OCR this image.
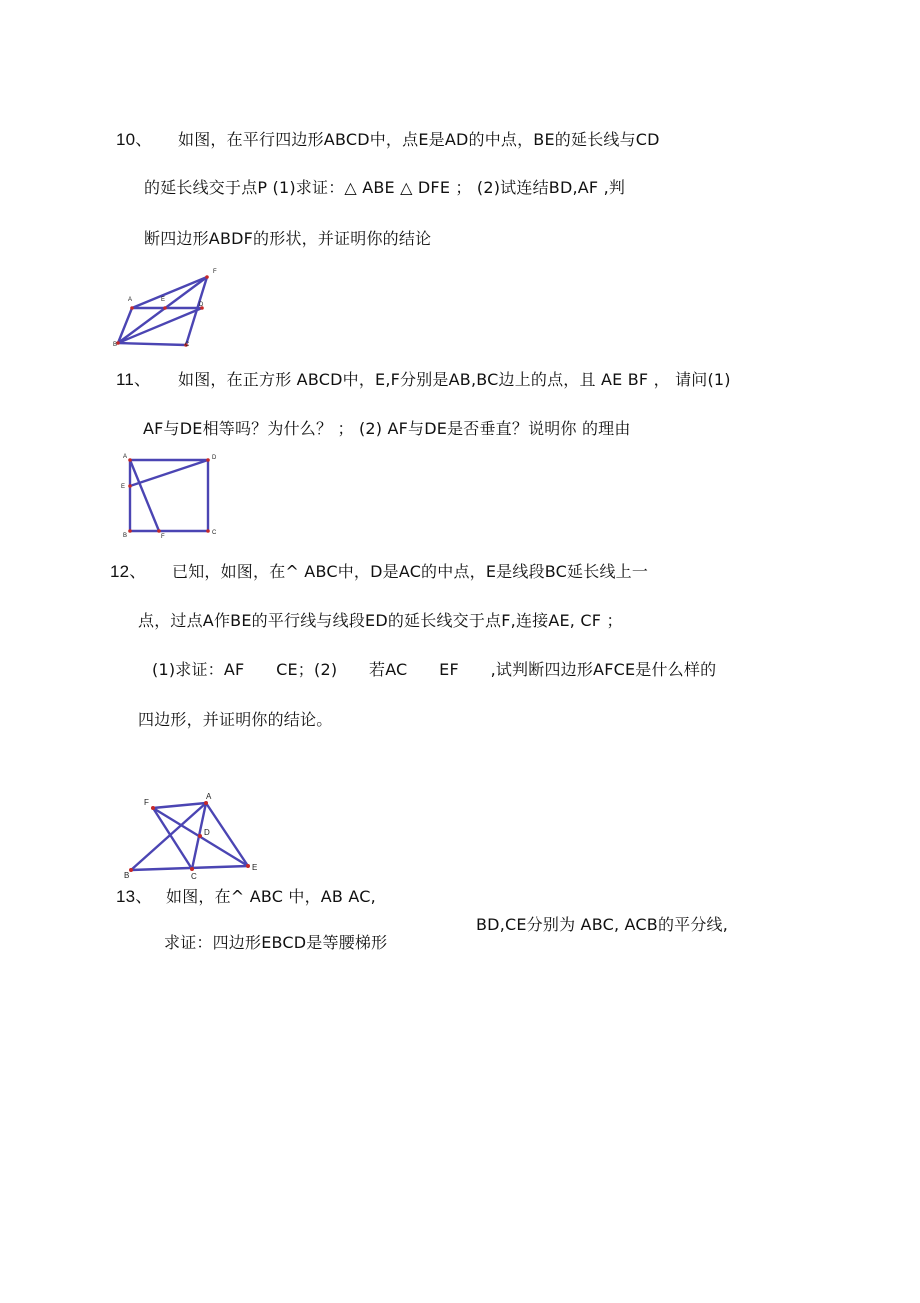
10、 如图，在平行四边形ABCD中，点E是AD的中点，BE的延长线与CD
的延长线交于点P (1)求证：△ ABE △ DFE ； (2)试连结BD,AF ,判
断四边形ABDF的形状，并证明你的结论
A	E
F
D
B	C
11、 如图，在正方形 ABCD中，E,F分别是AB,BC边上的点，且 AE BF ， 请问(1)
AF与DE相等吗？为什么？ ； (2) AF与DE是否垂直？说明你 的理由
A	D
E
B	F
C
12、 已知，如图，在^ ABC中，D是AC的中点，E是线段BC延长线上一
点，过点A作BE的平行线与线段ED的延长线交于点F,连接AE, CF ；
(1)求证：AF      CE；(2)      若AC      EF      ,试判断四边形AFCE是什么样的
四边形，并证明你的结论。
F
A
D
B	C
E
13、 如图，在^ ABC 中，AB AC,
BD,CE分别为 ABC, ACB的平分线,
求证：四边形EBCD是等腰梯形
